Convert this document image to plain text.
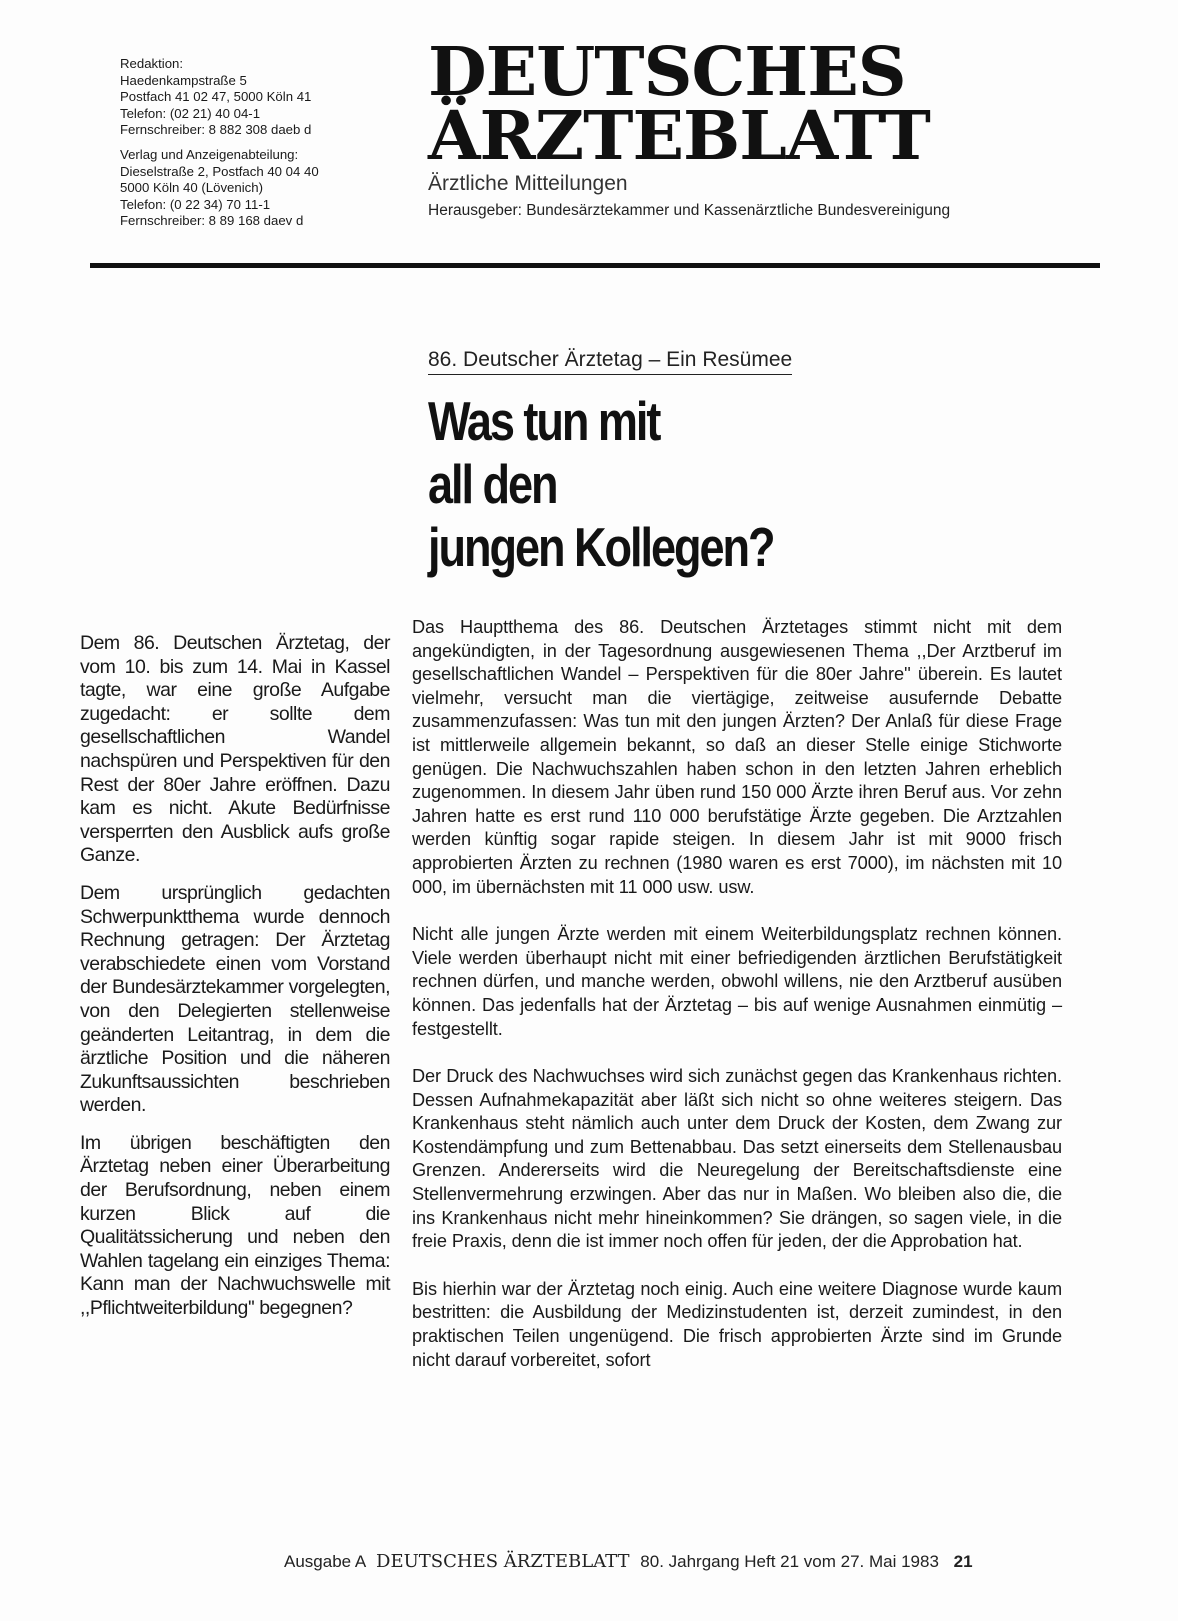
Redaktion:
Haedenkampstraße 5
Postfach 41 02 47, 5000 Köln 41
Telefon: (02 21) 40 04-1
Fernschreiber: 8 882 308 daeb d
Verlag und Anzeigenabteilung:
Dieselstraße 2, Postfach 40 04 40
5000 Köln 40 (Lövenich)
Telefon: (0 22 34) 70 11-1
Fernschreiber: 8 89 168 daev d
DEUTSCHES
ÄRZTEBLATT
Ärztliche Mitteilungen
Herausgeber: Bundesärztekammer und Kassenärztliche Bundesvereinigung
86. Deutscher Ärztetag – Ein Resümee
Was tun mit
all den
jungen Kollegen?

Dem 86. Deutschen Ärztetag, der vom 10. bis zum 14. Mai in Kassel tagte, war eine große Aufgabe zugedacht: er sollte dem gesellschaftlichen Wandel nachspüren und Perspektiven für den Rest der 80er Jahre eröffnen. Dazu kam es nicht. Akute Bedürfnisse versperrten den Ausblick aufs große Ganze.

Dem ursprünglich gedachten Schwerpunktthema wurde dennoch Rechnung getragen: Der Ärztetag verabschiedete einen vom Vorstand der Bundesärztekammer vorgelegten, von den Delegierten stellenweise geänderten Leitantrag, in dem die ärztliche Position und die näheren Zukunftsaussichten beschrieben werden.

Im übrigen beschäftigten den Ärztetag neben einer Überarbeitung der Berufsordnung, neben einem kurzen Blick auf die Qualitätssicherung und neben den Wahlen tagelang ein einziges Thema: Kann man der Nachwuchswelle mit ,,Pflichtweiterbildung'' begegnen?

Das Hauptthema des 86. Deutschen Ärztetages stimmt nicht mit dem angekündigten, in der Tagesordnung ausgewiesenen Thema ,,Der Arztberuf im gesellschaftlichen Wandel – Perspektiven für die 80er Jahre'' überein. Es lautet vielmehr, versucht man die viertägige, zeitweise ausufernde Debatte zusammenzufassen: Was tun mit den jungen Ärzten? Der Anlaß für diese Frage ist mittlerweile allgemein bekannt, so daß an dieser Stelle einige Stichworte genügen. Die Nachwuchszahlen haben schon in den letzten Jahren erheblich zugenommen. In diesem Jahr üben rund 150 000 Ärzte ihren Beruf aus. Vor zehn Jahren hatte es erst rund 110 000 berufstätige Ärzte gegeben. Die Arztzahlen werden künftig sogar rapide steigen. In diesem Jahr ist mit 9000 frisch approbierten Ärzten zu rechnen (1980 waren es erst 7000), im nächsten mit 10 000, im übernächsten mit 11 000 usw. usw.

Nicht alle jungen Ärzte werden mit einem Weiterbildungsplatz rechnen können. Viele werden überhaupt nicht mit einer befriedigenden ärztlichen Berufstätigkeit rechnen dürfen, und manche werden, obwohl willens, nie den Arztberuf ausüben können. Das jedenfalls hat der Ärztetag – bis auf wenige Ausnahmen einmütig – festgestellt.

Der Druck des Nachwuchses wird sich zunächst gegen das Krankenhaus richten. Dessen Aufnahmekapazität aber läßt sich nicht so ohne weiteres steigern. Das Krankenhaus steht nämlich auch unter dem Druck der Kosten, dem Zwang zur Kostendämpfung und zum Bettenabbau. Das setzt einerseits dem Stellenausbau Grenzen. Andererseits wird die Neuregelung der Bereitschaftsdienste eine Stellenvermehrung erzwingen. Aber das nur in Maßen. Wo bleiben also die, die ins Krankenhaus nicht mehr hineinkommen? Sie drängen, so sagen viele, in die freie Praxis, denn die ist immer noch offen für jeden, der die Approbation hat.

Bis hierhin war der Ärztetag noch einig. Auch eine weitere Diagnose wurde kaum bestritten: die Ausbildung der Medizinstudenten ist, derzeit zumindest, in den praktischen Teilen ungenügend. Die frisch approbierten Ärzte sind im Grunde nicht darauf vorbereitet, sofort

Ausgabe A DEUTSCHES ÄRZTEBLATT 80. Jahrgang Heft 21 vom 27. Mai 1983 21
